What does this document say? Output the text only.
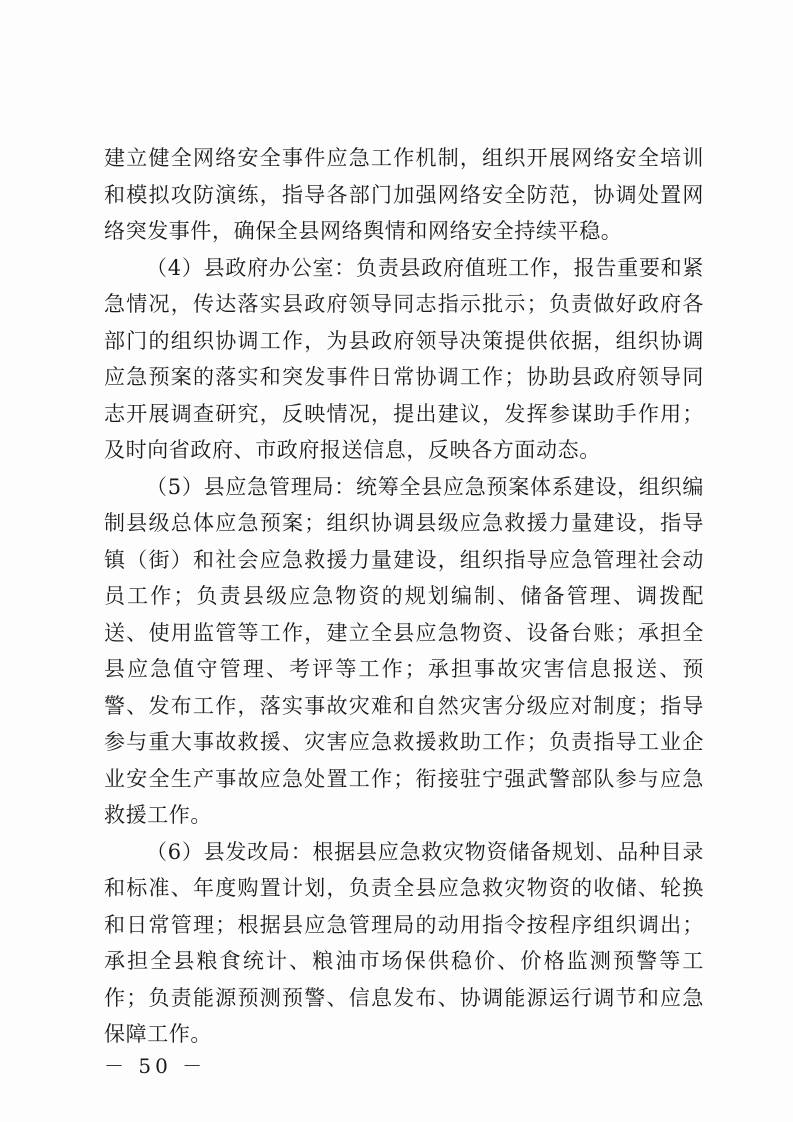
建立健全网络安全事件应急工作机制，组织开展网络安全培训和模拟攻防演练，指导各部门加强网络安全防范，协调处置网络突发事件，确保全县网络舆情和网络安全持续平稳。

（4）县政府办公室：负责县政府值班工作，报告重要和紧急情况，传达落实县政府领导同志指示批示；负责做好政府各部门的组织协调工作，为县政府领导决策提供依据，组织协调应急预案的落实和突发事件日常协调工作；协助县政府领导同志开展调查研究，反映情况，提出建议，发挥参谋助手作用；及时向省政府、市政府报送信息，反映各方面动态。

（5）县应急管理局：统筹全县应急预案体系建设，组织编制县级总体应急预案；组织协调县级应急救援力量建设，指导镇（街）和社会应急救援力量建设，组织指导应急管理社会动员工作；负责县级应急物资的规划编制、储备管理、调拨配送、使用监管等工作，建立全县应急物资、设备台账；承担全县应急值守管理、考评等工作；承担事故灾害信息报送、预警、发布工作，落实事故灾难和自然灾害分级应对制度；指导参与重大事故救援、灾害应急救援救助工作；负责指导工业企业安全生产事故应急处置工作；衔接驻宁强武警部队参与应急救援工作。

（6）县发改局：根据县应急救灾物资储备规划、品种目录和标准、年度购置计划，负责全县应急救灾物资的收储、轮换和日常管理；根据县应急管理局的动用指令按程序组织调出；承担全县粮食统计、粮油市场保供稳价、价格监测预警等工作；负责能源预测预警、信息发布、协调能源运行调节和应急保障工作。

－ 50 －
